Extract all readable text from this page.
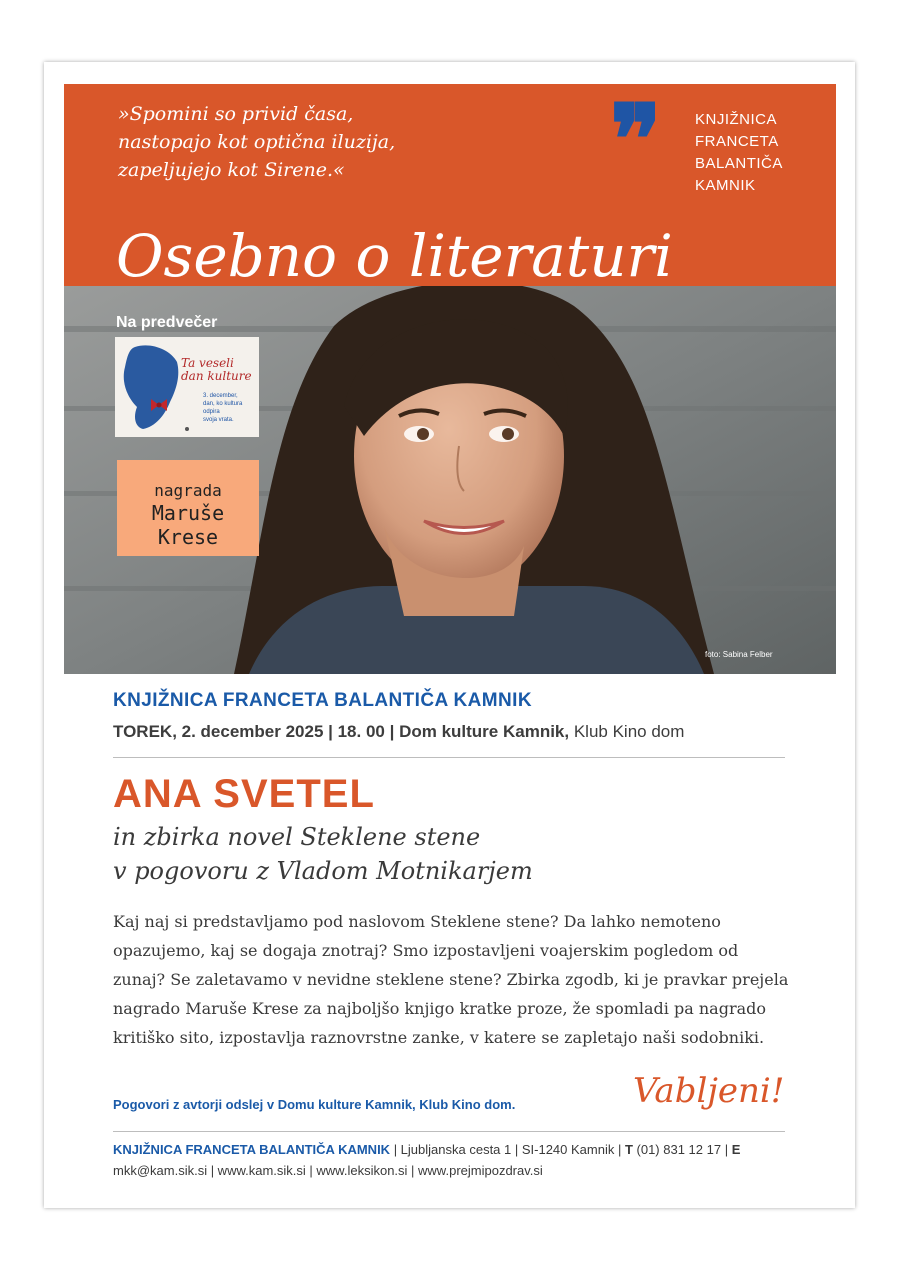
»Spomini so privid časa,
nastopajo kot optična iluzija,
zapeljujejo kot Sirene.«	❞	KNJIŽNICA
FRANCETA
BALANTIČA
KAMNIK
Osebno o literaturi
Na predvečer
Ta veseli
dan kulture
3. december,
dan, ko kultura odpira
svoja vrata.
nagrada
Maruše
Krese
foto: Sabina Felber
KNJIŽNICA FRANCETA BALANTIČA KAMNIK
TOREK, 2. december 2025 | 18. 00 | Dom kulture Kamnik, Klub Kino dom
ANA SVETEL
in zbirka novel Steklene stene
v pogovoru z Vladom Motnikarjem
Kaj naj si predstavljamo pod naslovom Steklene stene? Da lahko nemoteno opazujemo, kaj se dogaja znotraj? Smo izpostavljeni voajerskim pogledom od zunaj? Se zaletavamo v nevidne steklene stene? Zbirka zgodb, ki je pravkar prejela nagrado Maruše Krese za najboljšo knjigo kratke proze, že spomladi pa nagrado kritiško sito, izpostavlja raznovrstne zanke, v katere se zapletajo naši sodobniki.
Pogovori z avtorji odslej v Domu kulture Kamnik, Klub Kino dom.	Vabljeni!
KNJIŽNICA FRANCETA BALANTIČA KAMNIK | Ljubljanska cesta 1 | SI-1240 Kamnik | T (01) 831 12 17 | E mkk@kam.sik.si | www.kam.sik.si | www.leksikon.si | www.prejmipozdrav.si
